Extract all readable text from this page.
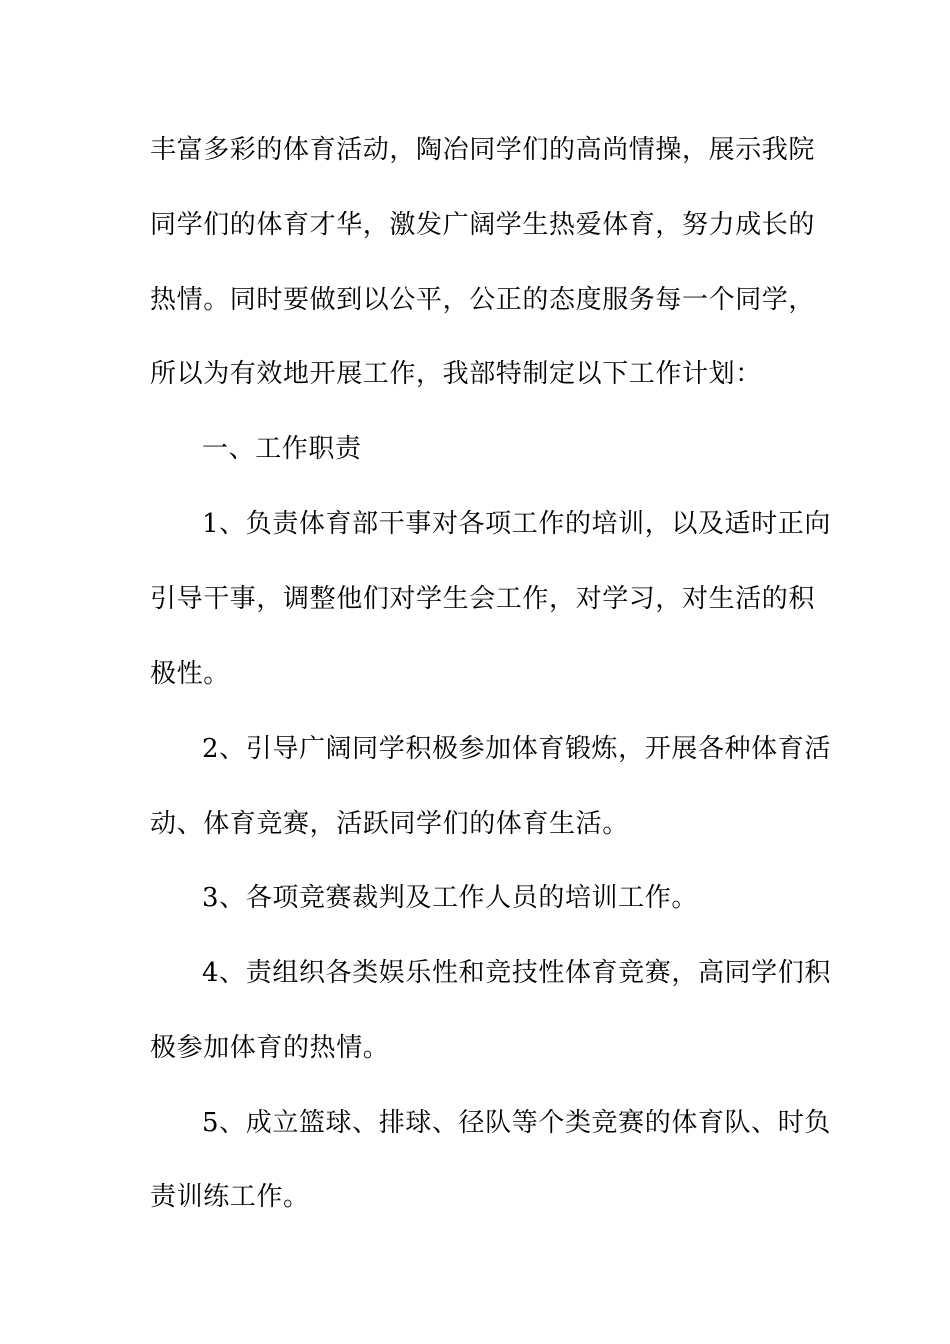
丰富多彩的体育活动，陶冶同学们的高尚情操，展示我院
同学们的体育才华，激发广阔学生热爱体育，努力成长的
热情。同时要做到以公平，公正的态度服务每一个同学，
所以为有效地开展工作，我部特制定以下工作计划：
一、工作职责
1、负责体育部干事对各项工作的培训，以及适时正向
引导干事，调整他们对学生会工作，对学习，对生活的积
极性。
2、引导广阔同学积极参加体育锻炼，开展各种体育活
动、体育竞赛，活跃同学们的体育生活。
3、各项竞赛裁判及工作人员的培训工作。
4、责组织各类娱乐性和竞技性体育竞赛，高同学们积
极参加体育的热情。
5、成立篮球、排球、径队等个类竞赛的体育队、时负
责训练工作。
